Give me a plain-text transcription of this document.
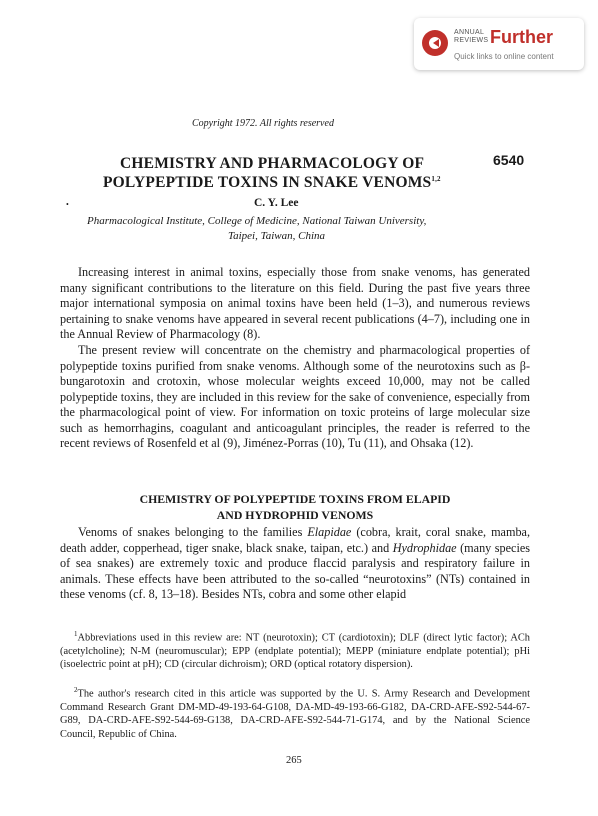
ANNUAL REVIEWS Further
Quick links to online content
Copyright 1972. All rights reserved
CHEMISTRY AND PHARMACOLOGY OF
POLYPEPTIDE TOXINS IN SNAKE VENOMS$^{1,2}$
6540
•	C. Y. Lee
Pharmacological Institute, College of Medicine, National Taiwan University,
Taipei, Taiwan, China
Increasing interest in animal toxins, especially those from snake venoms, has generated many significant contributions to the literature on this field. During the past five years three major international symposia on animal toxins have been held (1–3), and numerous reviews pertaining to snake venoms have appeared in several recent publications (4–7), including one in the Annual Review of Pharmacology (8).
The present review will concentrate on the chemistry and pharmacological properties of polypeptide toxins purified from snake venoms. Although some of the neurotoxins such as β-bungarotoxin and crotoxin, whose molecular weights exceed 10,000, may not be called polypeptide toxins, they are included in this review for the sake of convenience, especially from the pharmacological point of view. For information on toxic proteins of large molecular size such as hemorrhagins, coagulant and anticoagulant principles, the reader is referred to the recent reviews of Rosenfeld et al (9), Jiménez-Porras (10), Tu (11), and Ohsaka (12).
CHEMISTRY OF POLYPEPTIDE TOXINS FROM ELAPID
AND HYDROPHID VENOMS
Venoms of snakes belonging to the families Elapidae (cobra, krait, coral snake, mamba, death adder, copperhead, tiger snake, black snake, taipan, etc.) and Hydrophidae (many species of sea snakes) are extremely toxic and produce flaccid paralysis and respiratory failure in animals. These effects have been attributed to the so-called “neurotoxins” (NTs) contained in these venoms (cf. 8, 13–18). Besides NTs, cobra and some other elapid
$^1$Abbreviations used in this review are: NT (neurotoxin); CT (cardiotoxin); DLF (direct lytic factor); ACh (acetylcholine); N-M (neuromuscular); EPP (endplate potential); MEPP (miniature endplate potential); pHi (isoelectric point at pH); CD (circular dichroism); ORD (optical rotatory dispersion).
$^2$The author's research cited in this article was supported by the U. S. Army Research and Development Command Research Grant DM-MD-49-193-64-G108, DA-MD-49-193-66-G182, DA-CRD-AFE-S92-544-67-G89, DA-CRD-AFE-S92-544-69-G138, DA-CRD-AFE-S92-544-71-G174, and by the National Science Council, Republic of China.
265
